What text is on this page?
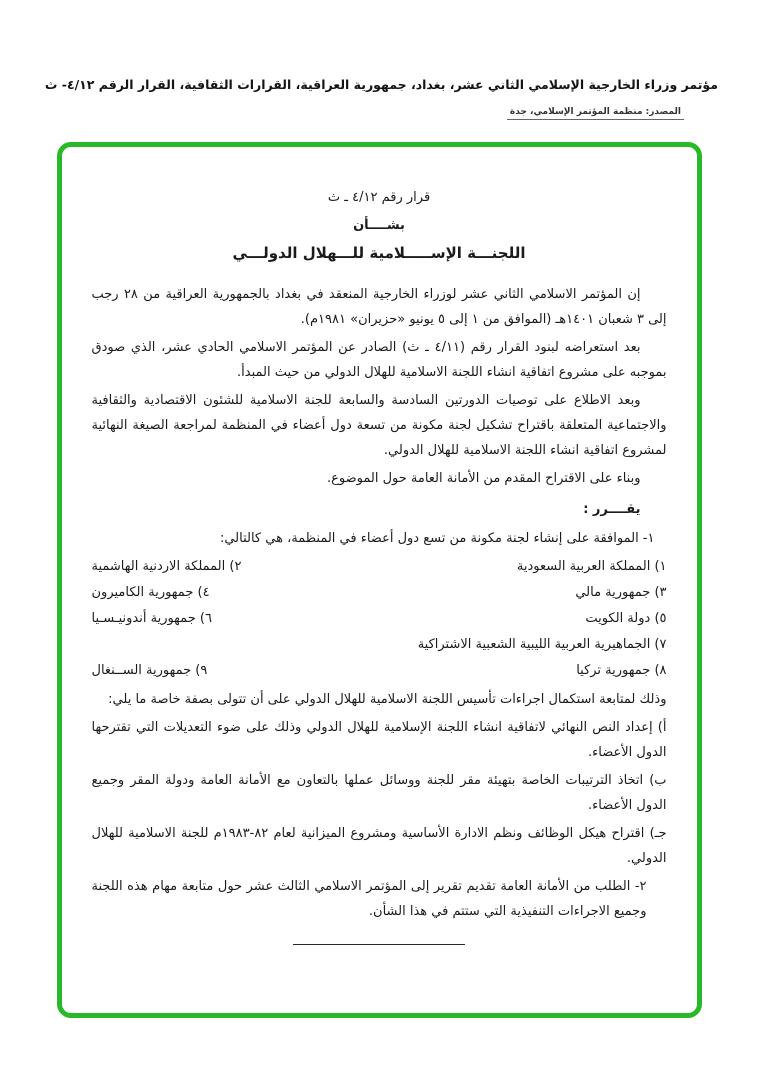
مؤتمر وزراء الخارجية الإسلامي الثاني عشر، بغداد، جمهورية العراقية، القرارات الثقافية، القرار الرقم ٤/١٢- ث
المصدر: منظمة المؤتمر الإسلامي، جدة
قرار رقم ٤/١٢ ـ ث
بشــــأن
اللجنـــة الإســـــلامية للـــهلال الدولـــي

إن المؤتمر الاسلامي الثاني عشر لوزراء الخارجية المنعقد في بغداد بالجمهورية العراقية من ٢٨ رجب إلى ٣ شعبان ١٤٠١هـ (الموافق من ١ إلى ٥ يونيو «حزيران» ١٩٨١م).

بعد استعراضه لبنود القرار رقم (٤/١١ ـ ث) الصادر عن المؤتمر الاسلامي الحادي عشر، الذي صودق بموجبه على مشروع اتفاقية انشاء اللجنة الاسلامية للهلال الدولي من حيث المبدأ.

وبعد الاطلاع على توصيات الدورتين السادسة والسابعة للجنة الاسلامية للشئون الاقتصادية والثقافية والاجتماعية المتعلقة باقتراح تشكيل لجنة مكونة من تسعة دول أعضاء في المنظمة لمراجعة الصيغة النهائية لمشروع اتفاقية انشاء اللجنة الاسلامية للهلال الدولي.

وبناء على الاقتراح المقدم من الأمانة العامة حول الموضوع.

يقــــرر :

١- الموافقة على إنشاء لجنة مكونة من تسع دول أعضاء في المنظمة، هي كالتالي:

١) المملكة العربية السعودية
٢) المملكة الاردنية الهاشمية
٣) جمهورية مالي
٤) جمهورية الكاميرون
٥) دولة الكويت
٦) جمهورية أندونيـسـيا
٧) الجماهيرية العربية الليبية الشعبية الاشتراكية
٨) جمهورية تركيا
٩) جمهورية الســنغال

وذلك لمتابعة استكمال اجراءات تأسيس اللجنة الاسلامية للهلال الدولي على أن تتولى بصفة خاصة ما يلي:

أ) إعداد النص النهائي لاتفاقية انشاء اللجنة الإسلامية للهلال الدولي وذلك على ضوء التعديلات التي تقترحها الدول الأعضاء.

ب) اتخاذ الترتيبات الخاصة بتهيئة مقر للجنة ووسائل عملها بالتعاون مع الأمانة العامة ودولة المقر وجميع الدول الأعضاء.

جـ) اقتراح هيكل الوظائف ونظم الادارة الأساسية ومشروع الميزانية لعام ٨٢-١٩٨٣م للجنة الاسلامية للهلال الدولي.

٢- الطلب من الأمانة العامة تقديم تقرير إلى المؤتمر الاسلامي الثالث عشر حول متابعة مهام هذه اللجنة وجميع الاجراءات التنفيذية التي ستتم في هذا الشأن.
